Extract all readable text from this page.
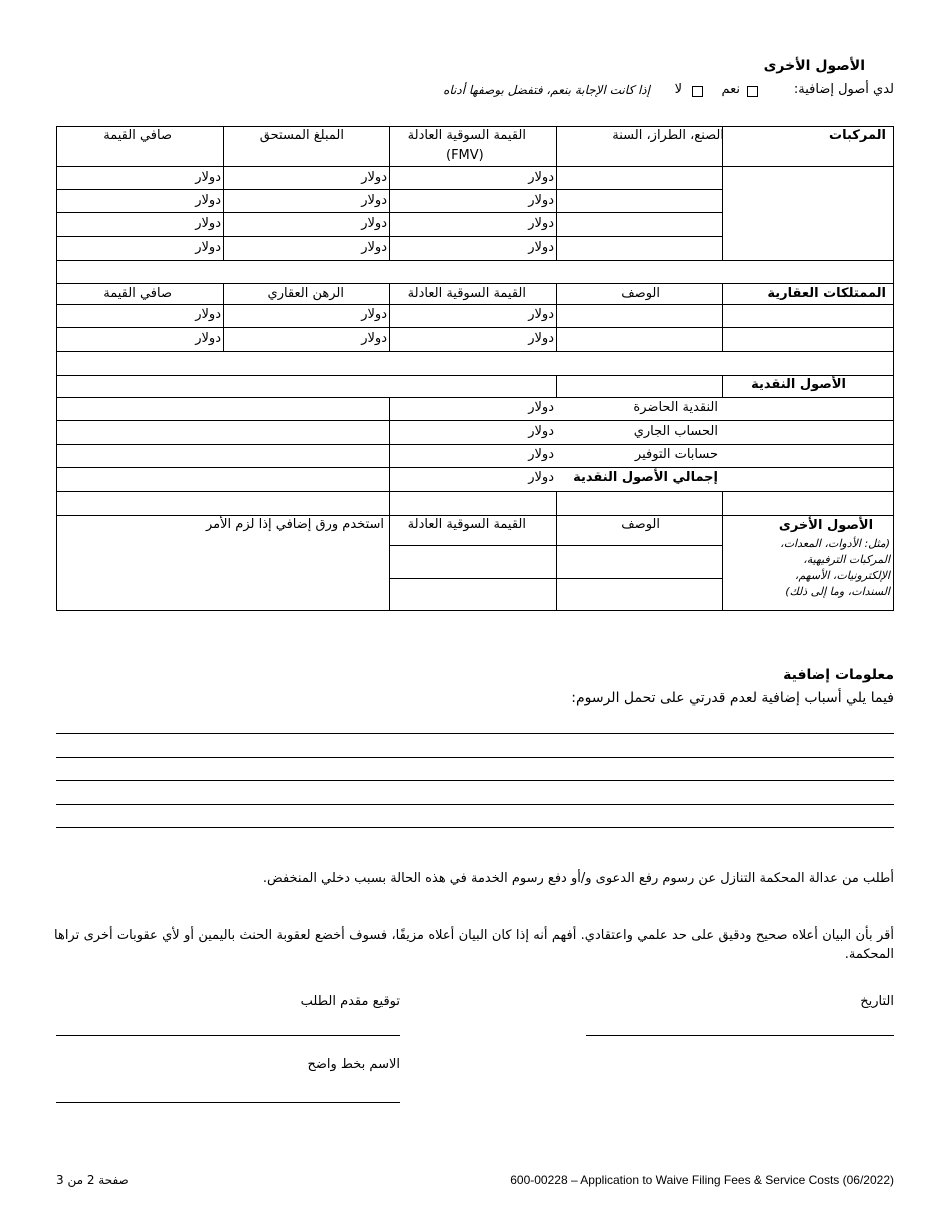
الأصول الأخرى
لدي أصول إضافية:
نعم
لا
إذا كانت الإجابة بنعم، فتفضل بوصفها أدناه
المركبات
الصنع، الطراز، السنة
القيمة السوقية العادلة
(FMV)
المبلغ المستحق
صافي القيمة
دولار
دولار
دولار
دولار
دولار
دولار
دولار
دولار
دولار
دولار
دولار
دولار
الممتلكات العقارية
الوصف
القيمة السوقية العادلة
الرهن العقاري
صافي القيمة
دولار
دولار
دولار
دولار
دولار
دولار
الأصول النقدية
النقدية الحاضرة
دولار
الحساب الجاري
دولار
حسابات التوفير
دولار
إجمالي الأصول النقدية
دولار
الأصول الأخرى
(مثل: الأدوات، المعدات، المركبات الترفيهية، الإلكترونيات، الأسهم، السندات، وما إلى ذلك)
الوصف
القيمة السوقية العادلة
استخدم ورق إضافي إذا لزم الأمر
معلومات إضافية
فيما يلي أسباب إضافية لعدم قدرتي على تحمل الرسوم:
أطلب من عدالة المحكمة التنازل عن رسوم رفع الدعوى و/أو دفع رسوم الخدمة في هذه الحالة بسبب دخلي المنخفض.
أقر بأن البيان أعلاه صحيح ودقيق على حد علمي واعتقادي. أفهم أنه إذا كان البيان أعلاه مزيفًا، فسوف أخضع لعقوبة الحنث باليمين أو لأي عقوبات أخرى تراها المحكمة.
التاريخ
توقيع مقدم الطلب
الاسم بخط واضح
600-00228 – Application to Waive Filing Fees & Service Costs (06/2022)
صفحة 2 من 3
